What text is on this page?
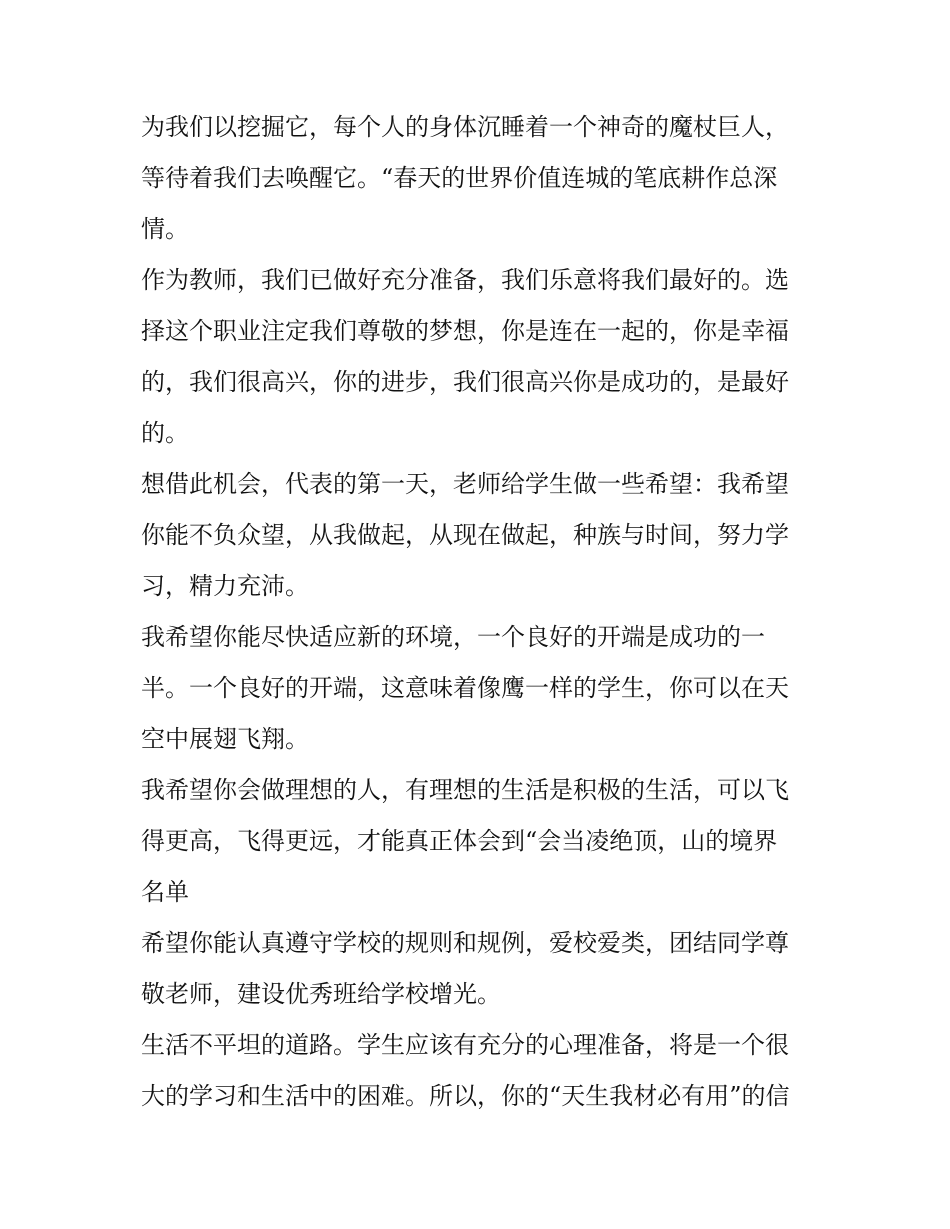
为我们以挖掘它，每个人的身体沉睡着一个神奇的魔杖巨人，
等待着我们去唤醒它。“春天的世界价值连城的笔底耕作总深
情。
作为教师，我们已做好充分准备，我们乐意将我们最好的。选
择这个职业注定我们尊敬的梦想，你是连在一起的，你是幸福
的，我们很高兴，你的进步，我们很高兴你是成功的，是最好
的。
想借此机会，代表的第一天，老师给学生做一些希望：我希望
你能不负众望，从我做起，从现在做起，种族与时间，努力学
习，精力充沛。
我希望你能尽快适应新的环境，一个良好的开端是成功的一
半。一个良好的开端，这意味着像鹰一样的学生，你可以在天
空中展翅飞翔。
我希望你会做理想的人，有理想的生活是积极的生活，可以飞
得更高，飞得更远，才能真正体会到“会当凌绝顶，山的境界
名单
希望你能认真遵守学校的规则和规例，爱校爱类，团结同学尊
敬老师，建设优秀班给学校增光。
生活不平坦的道路。学生应该有充分的心理准备，将是一个很
大的学习和生活中的困难。所以，你的“天生我材必有用”的信
